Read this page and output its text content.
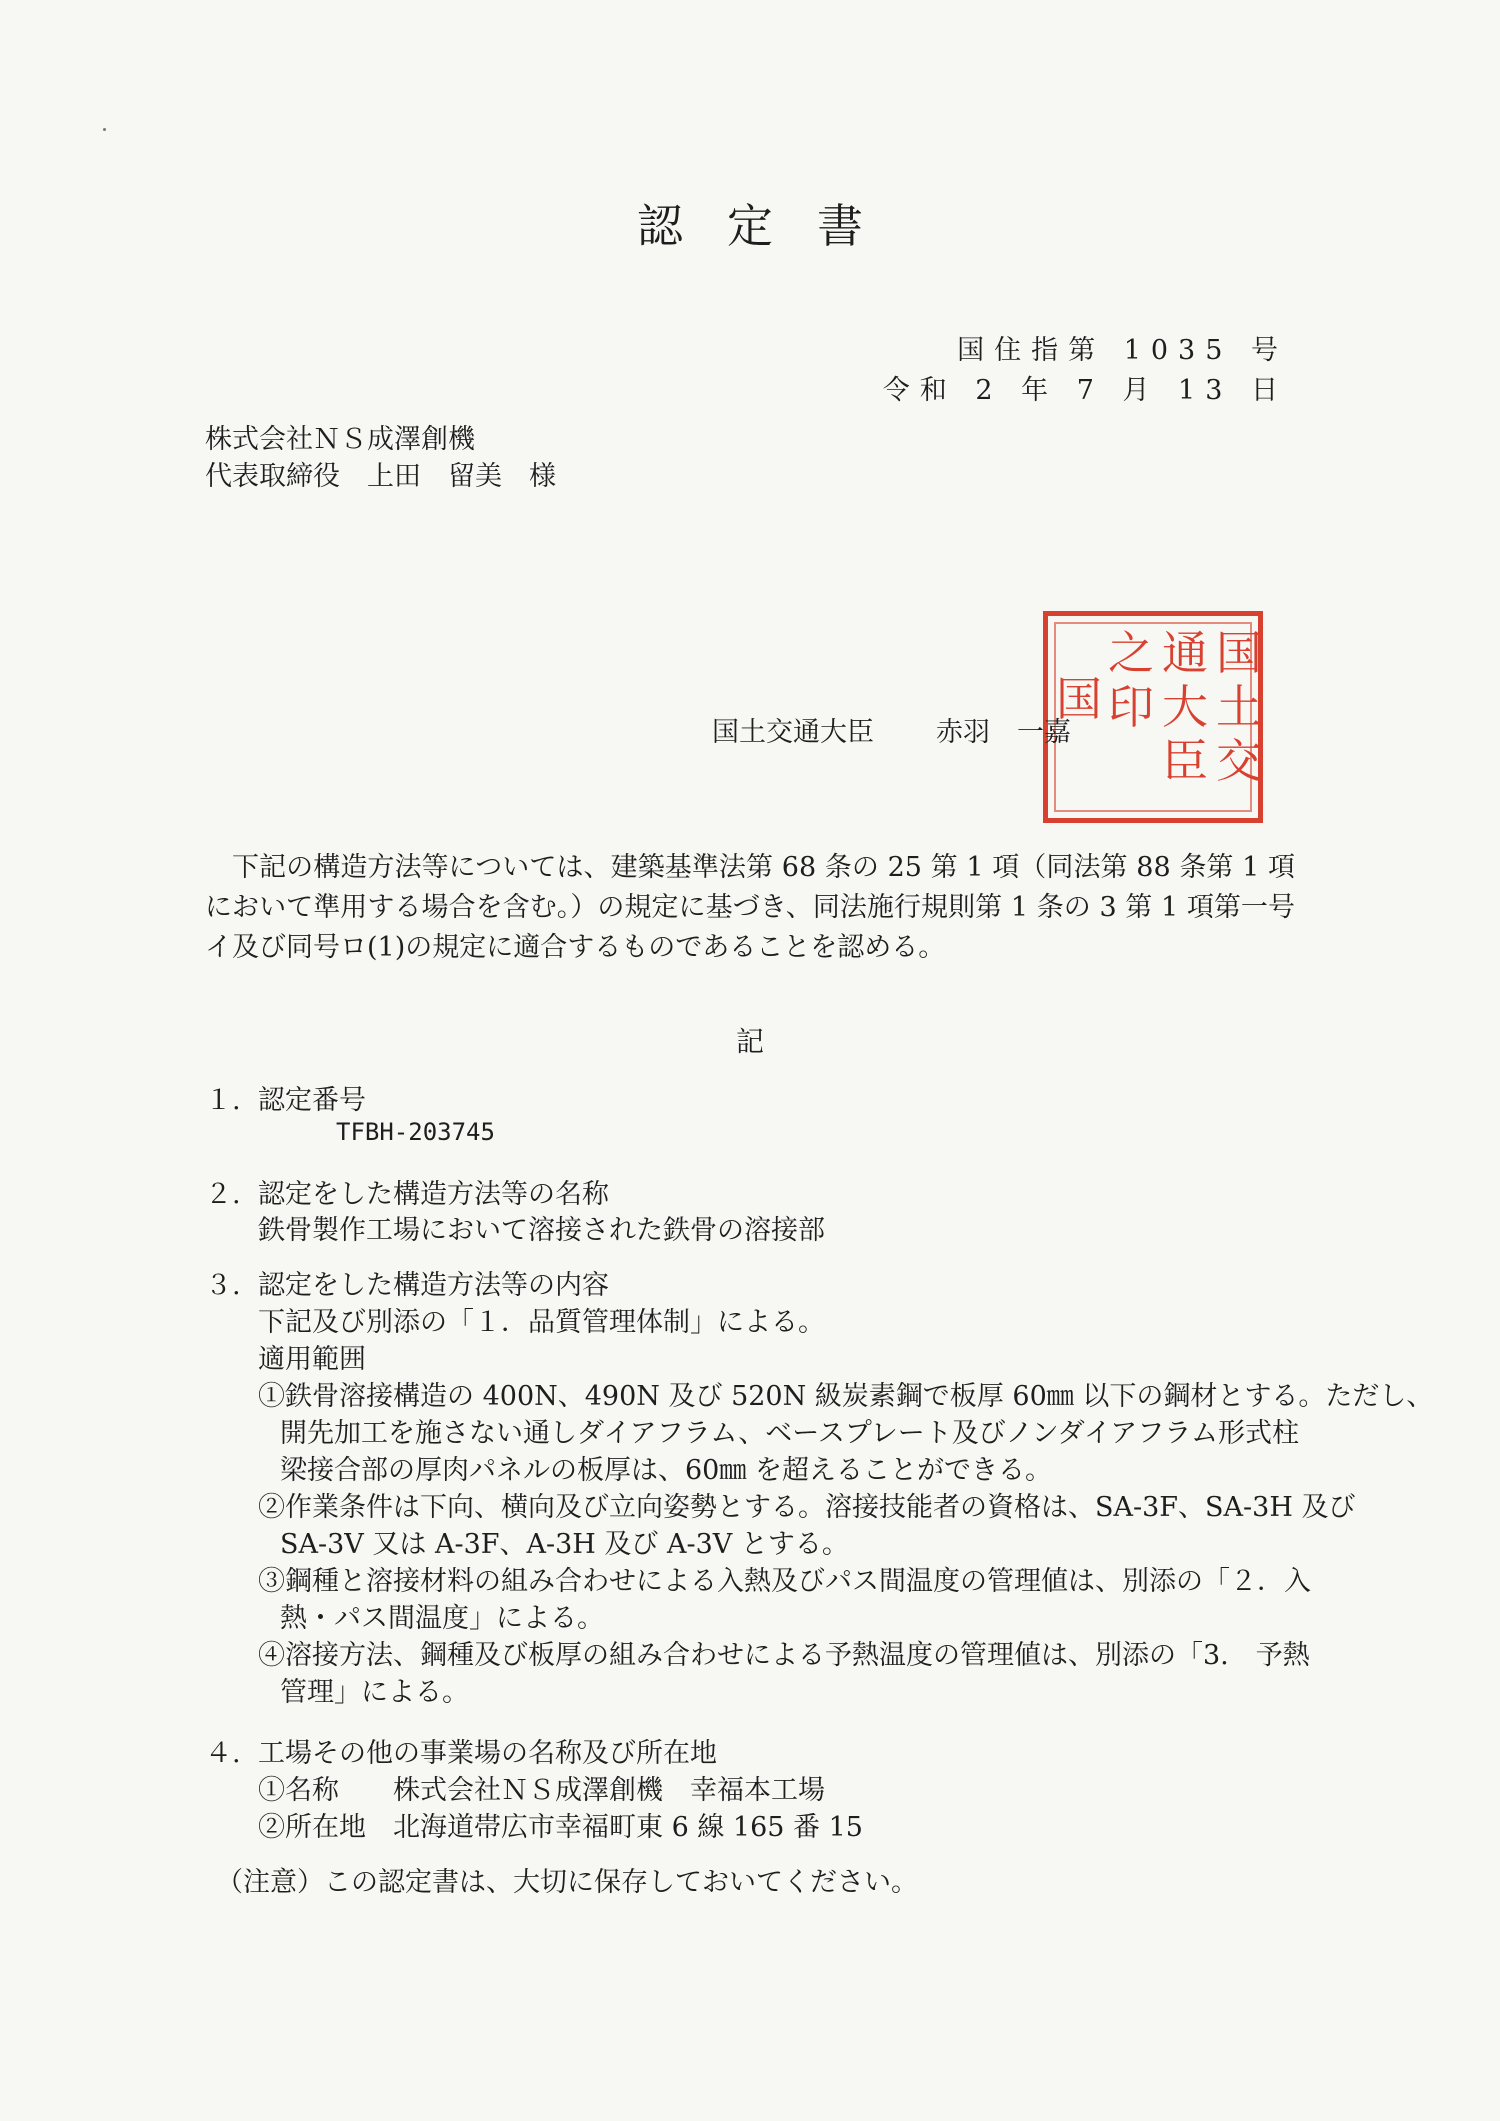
認定書
国住指第 1035 号
令和 2 年 7 月 13 日
株式会社ＮＳ成澤創機
代表取締役　上田　留美　様
国
土
交
通
大
臣
之
印
国
国土交通大臣 赤羽　一嘉
下記の構造方法等については、建築基準法第 68 条の 25 第 1 項（同法第 88 条第 1 項において準用する場合を含む。）の規定に基づき、同法施行規則第 1 条の 3 第 1 項第一号イ及び同号ロ(1)の規定に適合するものであることを認める。
記
１. 認定番号
TFBH-203745
２. 認定をした構造方法等の名称
鉄骨製作工場において溶接された鉄骨の溶接部
３. 認定をした構造方法等の内容
下記及び別添の「１．品質管理体制」による。
適用範囲
①鉄骨溶接構造の 400N、490N 及び 520N 級炭素鋼で板厚 60㎜ 以下の鋼材とする。ただし、
開先加工を施さない通しダイアフラム、ベースプレート及びノンダイアフラム形式柱
梁接合部の厚肉パネルの板厚は、60㎜ を超えることができる。
②作業条件は下向、横向及び立向姿勢とする。溶接技能者の資格は、SA-3F、SA-3H 及び
SA-3V 又は A-3F、A-3H 及び A-3V とする。
③鋼種と溶接材料の組み合わせによる入熱及びパス間温度の管理値は、別添の「２．入
熱・パス間温度」による。
④溶接方法、鋼種及び板厚の組み合わせによる予熱温度の管理値は、別添の「3.　予熱
管理」による。
４. 工場その他の事業場の名称及び所在地
①名称　　株式会社ＮＳ成澤創機　幸福本工場
②所在地　北海道帯広市幸福町東 6 線 165 番 15
（注意）この認定書は、大切に保存しておいてください。
